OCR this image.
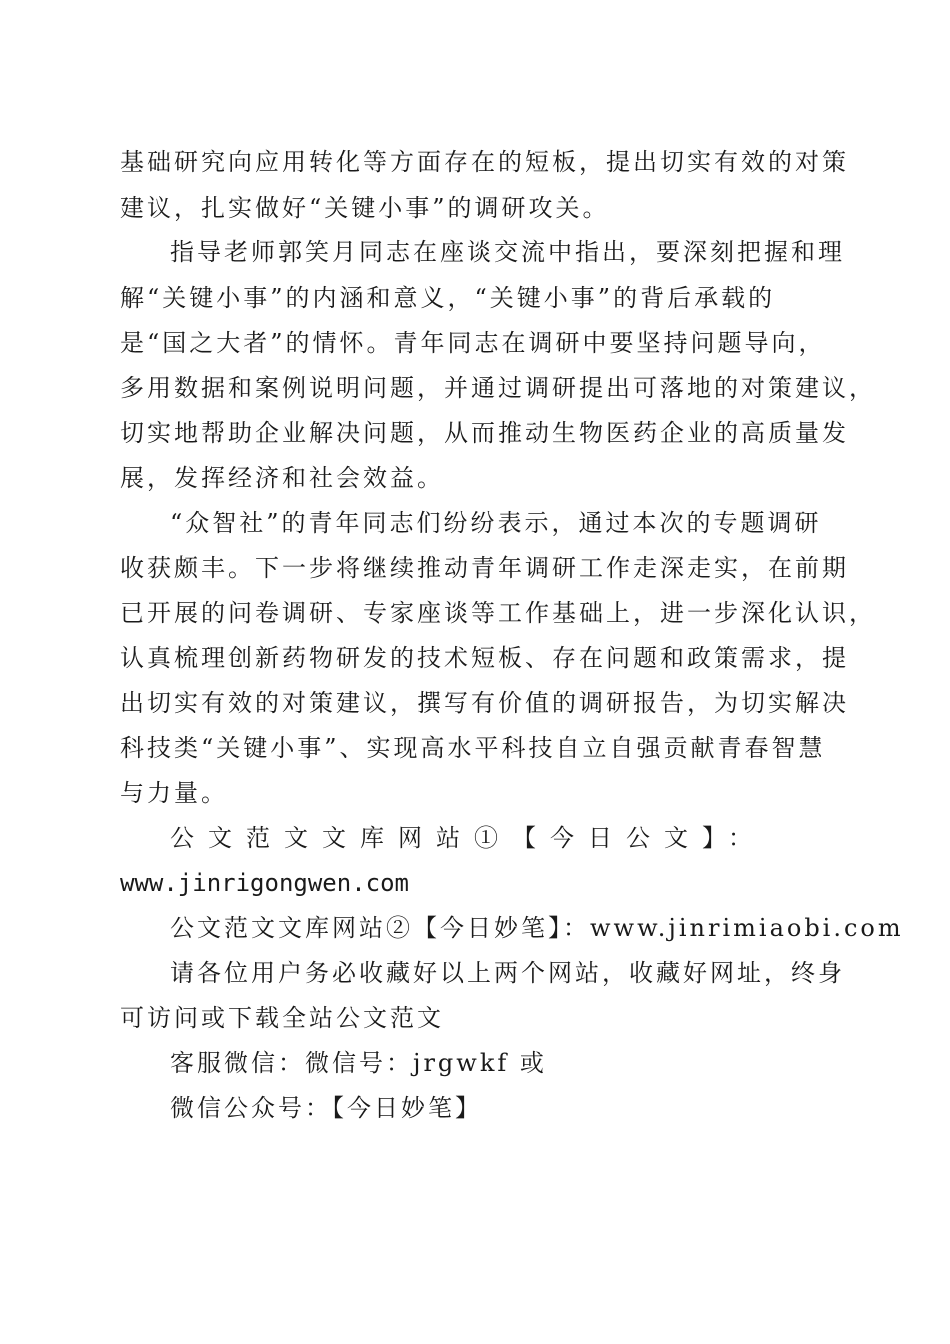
基础研究向应用转化等方面存在的短板，提出切实有效的对策
建议，扎实做好“关键小事”的调研攻关。
指导老师郭笑月同志在座谈交流中指出，要深刻把握和理
解“关键小事”的内涵和意义，“关键小事”的背后承载的
是“国之大者”的情怀。青年同志在调研中要坚持问题导向，
多用数据和案例说明问题，并通过调研提出可落地的对策建议，
切实地帮助企业解决问题，从而推动生物医药企业的高质量发
展，发挥经济和社会效益。
“众智社”的青年同志们纷纷表示，通过本次的专题调研
收获颇丰。下一步将继续推动青年调研工作走深走实，在前期
已开展的问卷调研、专家座谈等工作基础上，进一步深化认识，
认真梳理创新药物研发的技术短板、存在问题和政策需求，提
出切实有效的对策建议，撰写有价值的调研报告，为切实解决
科技类“关键小事”、实现高水平科技自立自强贡献青春智慧
与力量。
公文范文文库网站①【今日公文】：
www.jinrigongwen.com
公文范文文库网站②【今日妙笔】：www.jinrimiaobi.com
请各位用户务必收藏好以上两个网站，收藏好网址，终身
可访问或下载全站公文范文
客服微信：微信号：jrgwkf 或
微信公众号：【今日妙笔】
